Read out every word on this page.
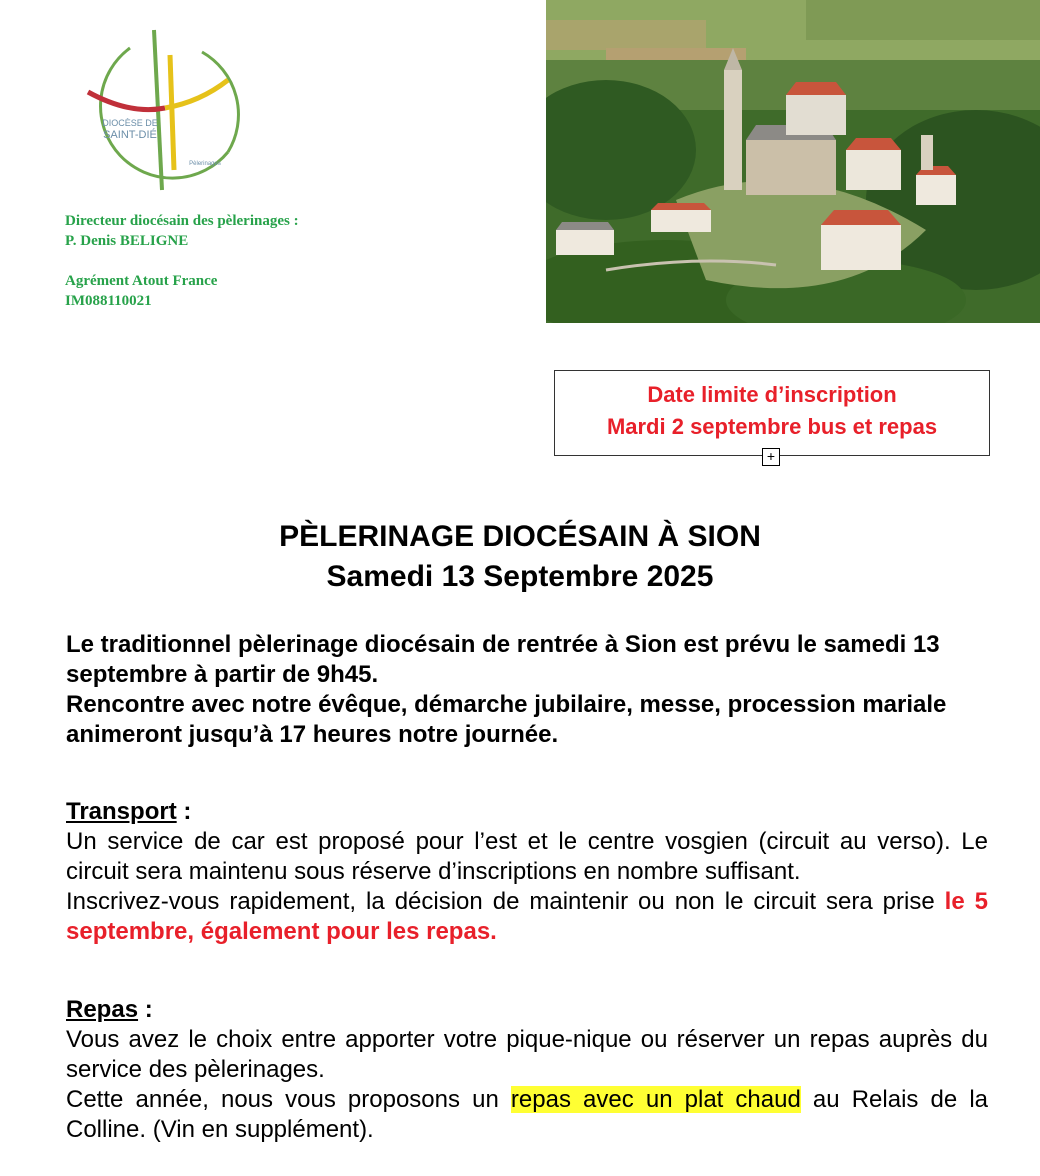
DIOCÈSE DE
SAINT-DIÉ
Pèlerinages
Directeur diocésain des pèlerinages :
P. Denis BELIGNE
Agrément Atout France
IM088110021
Date limite d’inscription
Mardi 2 septembre bus et repas
+
PÈLERINAGE DIOCÉSAIN À SION
Samedi 13 Septembre 2025
Le traditionnel pèlerinage diocésain de rentrée à Sion est prévu le samedi 13 septembre à partir de 9h45.
Rencontre avec notre évêque, démarche jubilaire, messe, procession mariale animeront jusqu’à 17 heures notre journée.
Transport :
Un service de car est proposé pour l’est et le centre vosgien (circuit au verso). Le circuit sera maintenu sous réserve d’inscriptions en nombre suffisant.
Inscrivez-vous rapidement, la décision de maintenir ou non le circuit sera prise le 5 septembre, également pour les repas.
Repas :
Vous avez le choix entre apporter votre pique-nique ou réserver un repas auprès du service des pèlerinages.
Cette année, nous vous proposons un repas avec un plat chaud au Relais de la Colline. (Vin en supplément).
